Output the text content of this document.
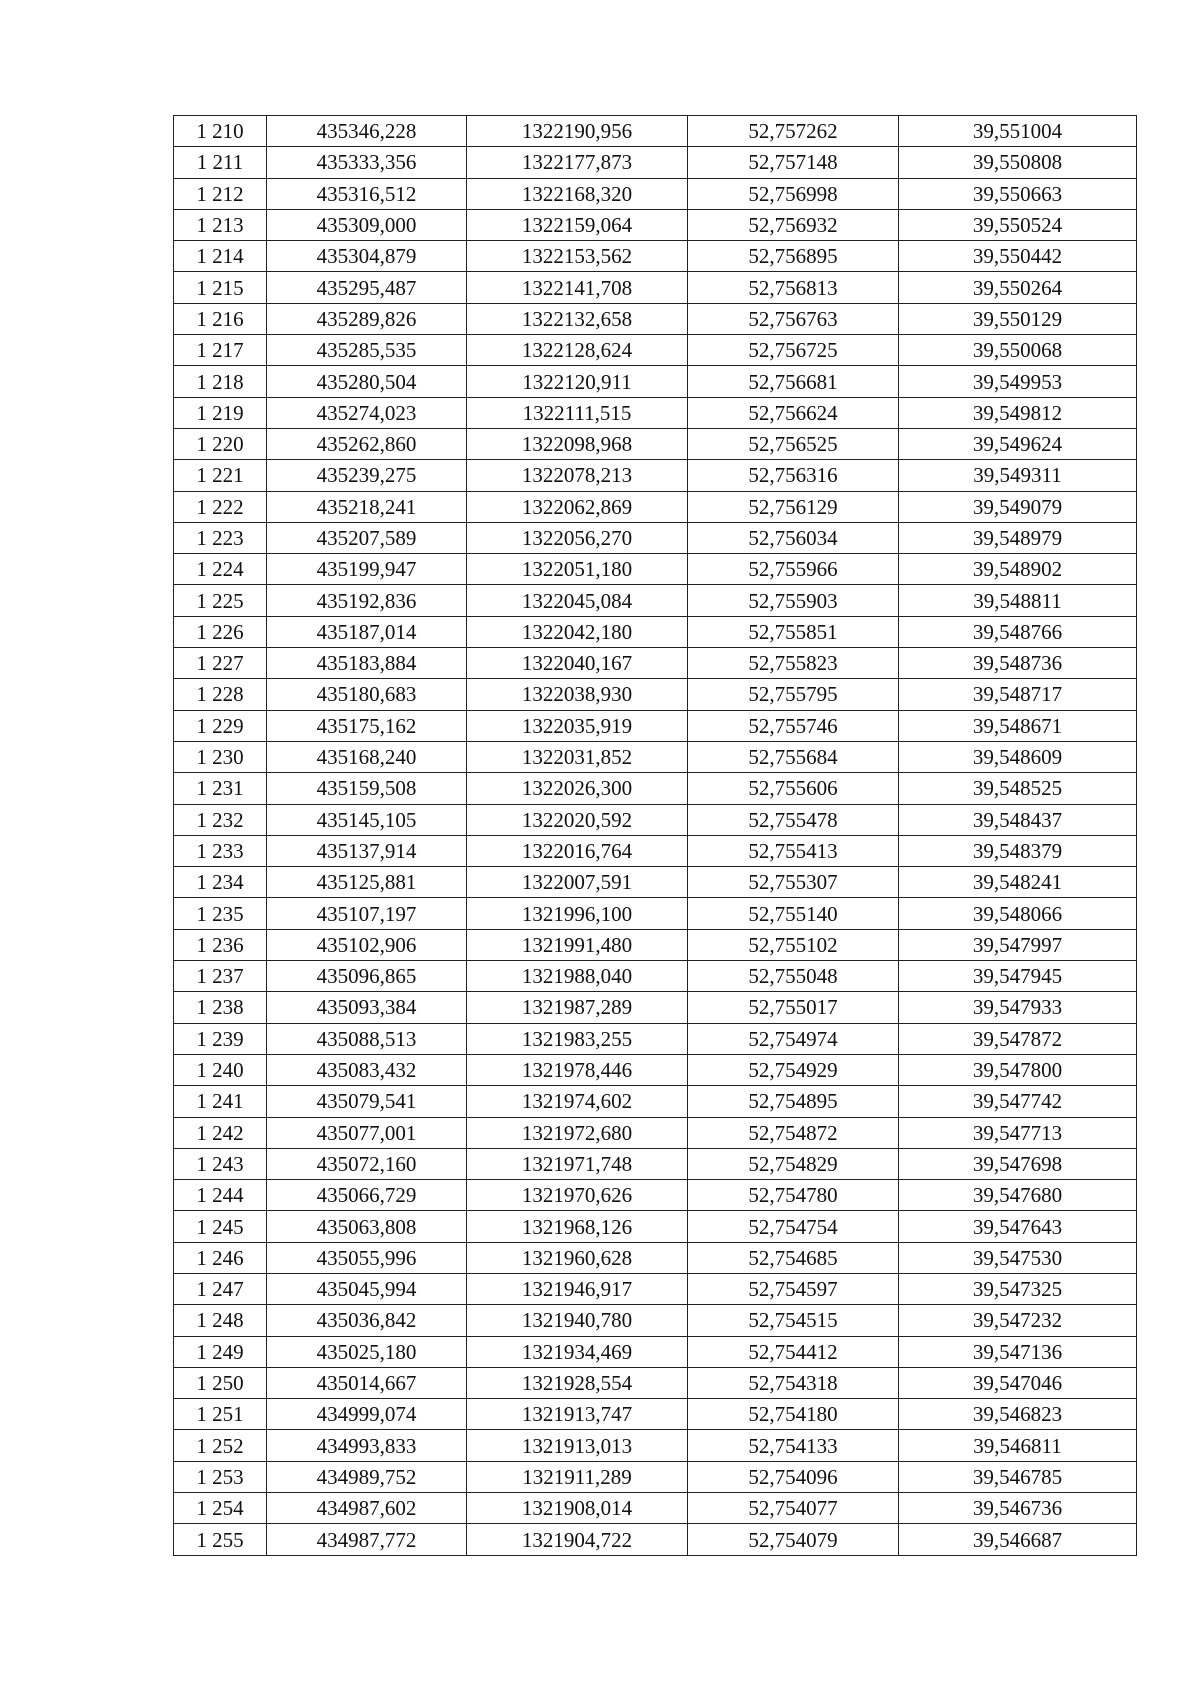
1 210	435346,228	1322190,956	52,757262	39,551004
1 211	435333,356	1322177,873	52,757148	39,550808
1 212	435316,512	1322168,320	52,756998	39,550663
1 213	435309,000	1322159,064	52,756932	39,550524
1 214	435304,879	1322153,562	52,756895	39,550442
1 215	435295,487	1322141,708	52,756813	39,550264
1 216	435289,826	1322132,658	52,756763	39,550129
1 217	435285,535	1322128,624	52,756725	39,550068
1 218	435280,504	1322120,911	52,756681	39,549953
1 219	435274,023	1322111,515	52,756624	39,549812
1 220	435262,860	1322098,968	52,756525	39,549624
1 221	435239,275	1322078,213	52,756316	39,549311
1 222	435218,241	1322062,869	52,756129	39,549079
1 223	435207,589	1322056,270	52,756034	39,548979
1 224	435199,947	1322051,180	52,755966	39,548902
1 225	435192,836	1322045,084	52,755903	39,548811
1 226	435187,014	1322042,180	52,755851	39,548766
1 227	435183,884	1322040,167	52,755823	39,548736
1 228	435180,683	1322038,930	52,755795	39,548717
1 229	435175,162	1322035,919	52,755746	39,548671
1 230	435168,240	1322031,852	52,755684	39,548609
1 231	435159,508	1322026,300	52,755606	39,548525
1 232	435145,105	1322020,592	52,755478	39,548437
1 233	435137,914	1322016,764	52,755413	39,548379
1 234	435125,881	1322007,591	52,755307	39,548241
1 235	435107,197	1321996,100	52,755140	39,548066
1 236	435102,906	1321991,480	52,755102	39,547997
1 237	435096,865	1321988,040	52,755048	39,547945
1 238	435093,384	1321987,289	52,755017	39,547933
1 239	435088,513	1321983,255	52,754974	39,547872
1 240	435083,432	1321978,446	52,754929	39,547800
1 241	435079,541	1321974,602	52,754895	39,547742
1 242	435077,001	1321972,680	52,754872	39,547713
1 243	435072,160	1321971,748	52,754829	39,547698
1 244	435066,729	1321970,626	52,754780	39,547680
1 245	435063,808	1321968,126	52,754754	39,547643
1 246	435055,996	1321960,628	52,754685	39,547530
1 247	435045,994	1321946,917	52,754597	39,547325
1 248	435036,842	1321940,780	52,754515	39,547232
1 249	435025,180	1321934,469	52,754412	39,547136
1 250	435014,667	1321928,554	52,754318	39,547046
1 251	434999,074	1321913,747	52,754180	39,546823
1 252	434993,833	1321913,013	52,754133	39,546811
1 253	434989,752	1321911,289	52,754096	39,546785
1 254	434987,602	1321908,014	52,754077	39,546736
1 255	434987,772	1321904,722	52,754079	39,546687
